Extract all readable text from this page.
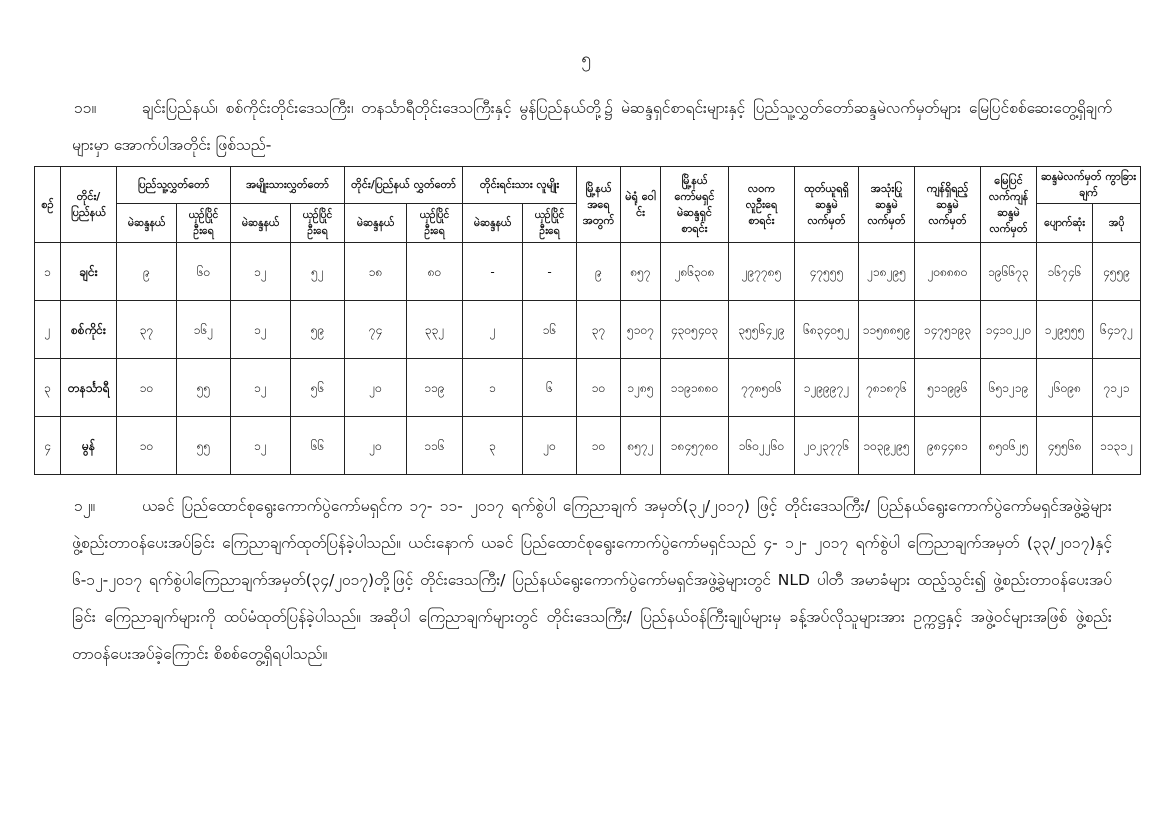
၅
၁၁။	ချင်းပြည်နယ်၊ စစ်ကိုင်းတိုင်းဒေသကြီး၊ တနင်္သာရီတိုင်းဒေသကြီးနှင့် မွန်ပြည်နယ်တို့၌ မဲဆန္ဒရှင်စာရင်းများနှင့် ပြည်သူ့လွှတ်တော်ဆန္ဒမဲလက်မှတ်များ မြေပြင်စစ်ဆေးတွေ့ရှိချက်များမှာ အောက်ပါအတိုင်း ဖြစ်သည်-
စဉ်	တိုင်း/ ပြည်နယ်	ပြည်သူ့လွှတ်တော်		အမျိုးသားလွှတ်တော်		တိုင်း/ပြည်နယ် လွှတ်တော်		တိုင်းရင်းသား လူမျိုး		မြို့နယ် အရေ အတွက်	မဲရုံ ဝေါင်း	မြို့နယ် ကော်မရှင် မဲဆန္ဒရှင် စာရင်း	လဝက လူဦးရေ စာရင်း	ထုတ်ယူရရှိ ဆန္ဒမဲ လက်မှတ်	အသုံးပြု ဆန္ဒမဲ လက်မှတ်	ကျန်ရှိရည့် ဆန္ဒမဲ လက်မှတ်	မြေပြင် လက်ကျန် ဆန္ဒမဲ လက်မှတ်	ဆန္ဒမဲလက်မှတ် ကွာခြားချက်	
		မဲဆန္ဒနယ်	ယှဉ်ပြိုင် ဦးရေ	မဲဆန္ဒနယ်	ယှဉ်ပြိုင် ဦးရေ	မဲဆန္ဒနယ်	ယှဉ်ပြိုင် ဦးရေ	မဲဆန္ဒနယ်	ယှဉ်ပြိုင် ဦးရေ									ပျောက်ဆုံး	အပို
၁	ချင်း	၉	၆၀	၁၂	၅၂	၁၈	၈၀	-	-	၉	၈၅၇	၂၈၆၃၀၈	၂၉၇၇၈၅	၄၇၅၅၅	၂၁၈၂၉၅	၂၀၈၈၈၀	၁၉၆၆၇၃	၁၆၇၄၆	၄၅၅၉
၂	စစ်ကိုင်း	၃၇	၁၆၂	၁၂	၅၉	၇၄	၃၃၂	၂	၁၆	၃၇	၅၁၀၇	၄၃၀၅၄၀၃	၃၅၅၆၄၂၉	၆၈၃၄၀၅၂	၁၁၅၈၈၅၉	၁၄၇၅၁၉၃	၁၄၁၀၂၂၀	၁၂၉၅၅၅	၆၄၁၇၂
၃	တနင်္သာရီ	၁၀	၅၅	၁၂	၅၆	၂၀	၁၁၉	၁	၆	၁၀	၁၂၈၅	၁၁၉၁၈၈၀	၇၇၈၅၀၆	၁၂၉၉၉၇၂	၇၈၁၈၇၆	၅၁၁၉၉၆	၆၅၁၂၁၉	၂၆၀၉၈	၇၁၂၁
၄	မွန်	၁၀	၅၅	၁၂	၆၆	၂၀	၁၁၆	၃	၂၀	၁၀	၈၅၇၂	၁၈၄၅၇၈၀	၁၆၀၂၂၆၀	၂၀၂၃၇၇၆	၁၀၃၉၂၉၅	၉၈၄၄၈၁	၈၅၀၆၂၅	၄၅၅၆၈	၁၁၃၁၂
၁၂။	ယခင် ပြည်ထောင်စုရွေးကောက်ပွဲကော်မရှင်က ၁၇- ၁၁- ၂၀၁၇ ရက်စွဲပါ ကြေညာချက် အမှတ်(၃၂/၂၀၁၇) ဖြင့် တိုင်းဒေသကြီး/ ပြည်နယ်ရွေးကောက်ပွဲကော်မရှင်အဖွဲ့ခွဲများ ဖွဲ့စည်းတာဝန်ပေးအပ်ခြင်း ကြေညာချက်ထုတ်ပြန်ခဲ့ပါသည်။ ယင်းနောက် ယခင် ပြည်ထောင်စုရွေးကောက်ပွဲကော်မရှင်သည် ၄- ၁၂- ၂၀၁၇ ရက်စွဲပါ ကြေညာချက်အမှတ် (၃၃/၂၀၁၇)နှင့် ၆-၁၂-၂၀၁၇ ရက်စွဲပါကြေညာချက်အမှတ်(၃၄/၂၀၁၇)တို့ဖြင့် တိုင်းဒေသကြီး/ ပြည်နယ်ရွေးကောက်ပွဲကော်မရှင်အဖွဲ့ခွဲများတွင် NLD ပါတီ အမာခံများ ထည့်သွင်း၍ ဖွဲ့စည်းတာဝန်ပေးအပ်ခြင်း ကြေညာချက်များကို ထပ်မံထုတ်ပြန်ခဲ့ပါသည်။ အဆိုပါ ကြေညာချက်များတွင် တိုင်းဒေသကြီး/ ပြည်နယ်ဝန်ကြီးချုပ်များမှ ခန့်အပ်လိုသူများအား ဥက္ကဋ္ဌနှင့် အဖွဲ့ဝင်များအဖြစ် ဖွဲ့စည်းတာဝန်ပေးအပ်ခဲ့ကြောင်း စိစစ်တွေ့ရှိရပါသည်။
